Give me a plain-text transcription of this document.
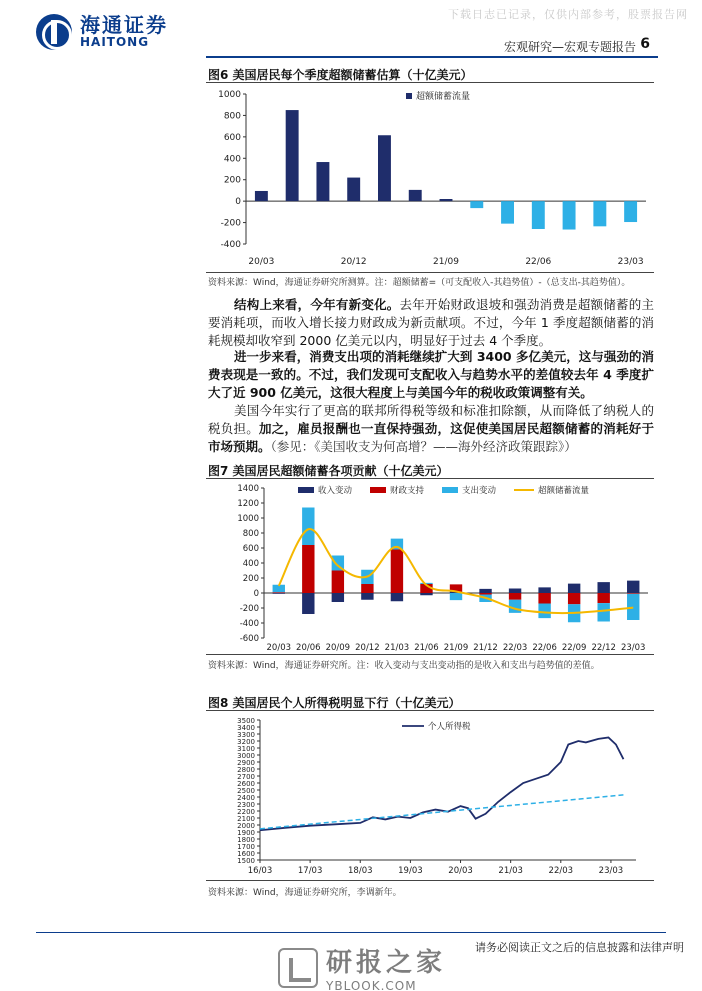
下载日志已记录，仅供内部参考，股票报告网
海通证券
HAITONG	宏观研究—宏观专题报告 6
图6 美国居民每个季度超额储蓄估算（十亿美元）
-400
-200
0
200
400
600
800
1000
20/03	20/12	21/09	22/06	23/03
超额储蓄流量
资料来源：Wind，海通证券研究所测算。注：超额储蓄=（可支配收入-其趋势值）-（总支出-其趋势值）。
结构上来看，今年有新变化。去年开始财政退坡和强劲消费是超额储蓄的主要消耗项，而收入增长接力财政成为新贡献项。不过，今年 1 季度超额储蓄的消耗规模却收窄到 2000 亿美元以内，明显好于过去 4 个季度。
进一步来看，消费支出项的消耗继续扩大到 3400 多亿美元，这与强劲的消费表现是一致的。不过，我们发现可支配收入与趋势水平的差值较去年 4 季度扩大了近 900 亿美元，这很大程度上与美国今年的税收政策调整有关。
美国今年实行了更高的联邦所得税等级和标准扣除额，从而降低了纳税人的税负担。加之，雇员报酬也一直保持强劲，这促使美国居民超额储蓄的消耗好于市场预期。（参见：《美国收支为何高增？——海外经济政策跟踪》）
图7 美国居民超额储蓄各项贡献（十亿美元）
-600
-400
-200
0
200
400
600
800
1000
1200
1400
20/03 20/06 20/09 20/12 21/03 21/06 21/09 21/12 22/03 22/06 22/09 22/12 23/03
收入变动	财政支持	支出变动	超额储蓄流量
资料来源：Wind，海通证券研究所。注：收入变动与支出变动指的是收入和支出与趋势值的差值。
图8 美国居民个人所得税明显下行（十亿美元）
1500
1600
1700
1800
1900
2000
2100
2200
2300
2400
2500
2600
2700
2800
2900
3000
3100
3200
3300
3400
3500
16/03	17/03	18/03	19/03	20/03	21/03	22/03	23/03
个人所得税
资料来源：Wind，海通证券研究所，李调新年。
请务必阅读正文之后的信息披露和法律声明
研报之家
YBLOOK.COM
